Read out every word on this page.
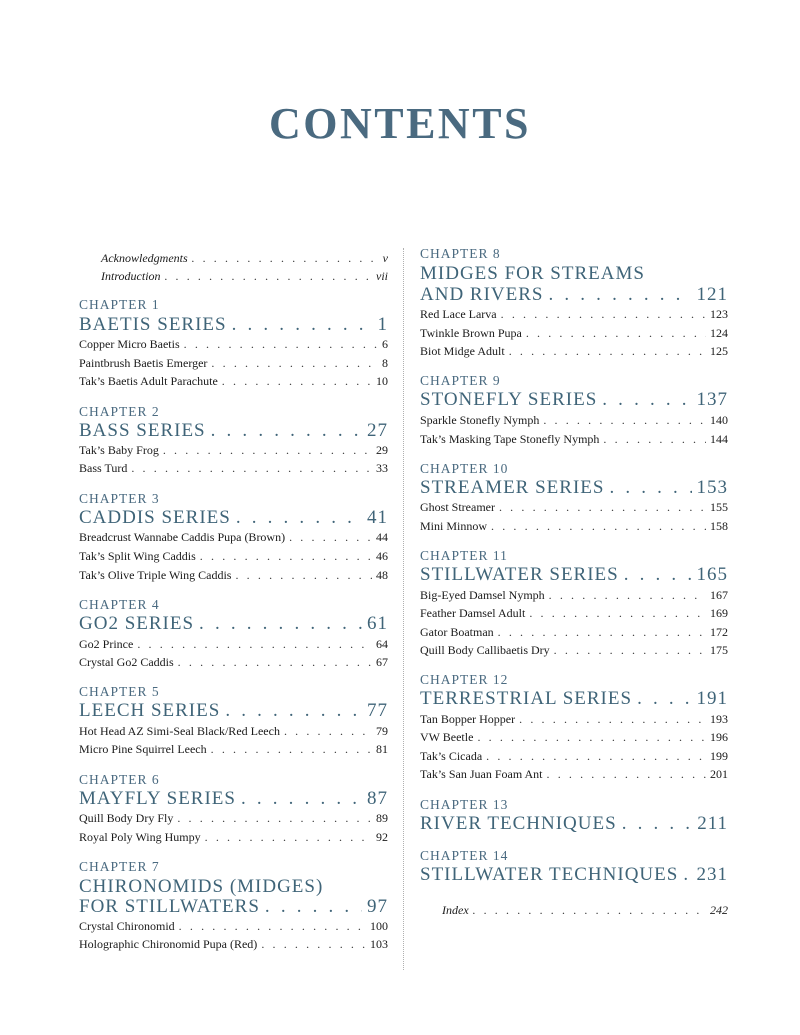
CONTENTS
Acknowledgments . . .	v
Introduction . . .	vii
CHAPTER 1
BAETIS SERIES . . .	1
Copper Micro Baetis . . .	6
Paintbrush Baetis Emerger . . .	8
Tak’s Baetis Adult Parachute . . .	10
CHAPTER 2
BASS SERIES . . .	27
Tak’s Baby Frog . . .	29
Bass Turd . . .	33
CHAPTER 3
CADDIS SERIES . . .	41
Breadcrust Wannabe Caddis Pupa (Brown) . . .	44
Tak’s Split Wing Caddis . . .	46
Tak’s Olive Triple Wing Caddis . . .	48
CHAPTER 4
GO2 SERIES . . .	61
Go2 Prince . . .	64
Crystal Go2 Caddis . . .	67
CHAPTER 5
LEECH SERIES . . .	77
Hot Head AZ Simi-Seal Black/Red Leech . . .	79
Micro Pine Squirrel Leech . . .	81
CHAPTER 6
MAYFLY SERIES . . .	87
Quill Body Dry Fly . . .	89
Royal Poly Wing Humpy . . .	92
CHAPTER 7
CHIRONOMIDS (MIDGES)
FOR STILLWATERS . . .	97
Crystal Chironomid . . .	100
Holographic Chironomid Pupa (Red) . . .	103
CHAPTER 8
MIDGES FOR STREAMS
AND RIVERS . . .	121
Red Lace Larva . . .	123
Twinkle Brown Pupa . . .	124
Biot Midge Adult . . .	125
CHAPTER 9
STONEFLY SERIES . . .	137
Sparkle Stonefly Nymph . . .	140
Tak’s Masking Tape Stonefly Nymph . . .	144
CHAPTER 10
STREAMER SERIES . . .	153
Ghost Streamer . . .	155
Mini Minnow . . .	158
CHAPTER 11
STILLWATER SERIES . . .	165
Big-Eyed Damsel Nymph . . .	167
Feather Damsel Adult . . .	169
Gator Boatman . . .	172
Quill Body Callibaetis Dry . . .	175
CHAPTER 12
TERRESTRIAL SERIES . . .	191
Tan Bopper Hopper . . .	193
VW Beetle . . .	196
Tak’s Cicada . . .	199
Tak’s San Juan Foam Ant . . .	201
CHAPTER 13
RIVER TECHNIQUES . . .	211
CHAPTER 14
STILLWATER TECHNIQUES . . . 231
Index . . .	242
